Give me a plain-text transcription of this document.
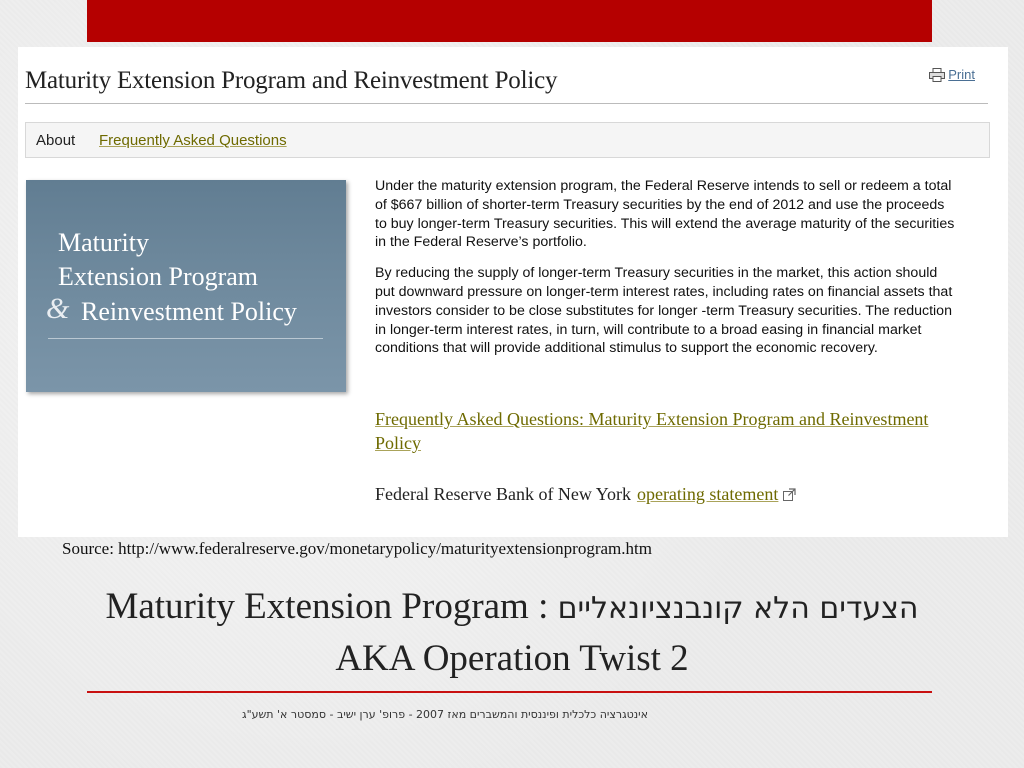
Maturity Extension Program and Reinvestment Policy	Print
About Frequently Asked Questions
Maturity
Extension Program
& Reinvestment Policy

Under the maturity extension program, the Federal Reserve intends to sell or redeem a total of $667 billion of shorter-term Treasury securities by the end of 2012 and use the proceeds to buy longer-term Treasury securities. This will extend the average maturity of the securities in the Federal Reserve’s portfolio.

By reducing the supply of longer-term Treasury securities in the market, this action should put downward pressure on longer-term interest rates, including rates on financial assets that investors consider to be close substitutes for longer -term Treasury securities. The reduction in longer-term interest rates, in turn, will contribute to a broad easing in financial market conditions that will provide additional stimulus to support the economic recovery.

Frequently Asked Questions: Maturity Extension Program and Reinvestment Policy
Federal Reserve Bank of New York operating statement
Source: http://www.federalreserve.gov/monetarypolicy/maturityextensionprogram.htm
Maturity Extension Program : הצעדים הלא קונבנציונאליים
AKA Operation Twist 2
אינטגרציה כלכלית ופיננסית והמשברים מאז 2007 - פרופ' ערן ישיב - סמסטר א' תשע"ג
